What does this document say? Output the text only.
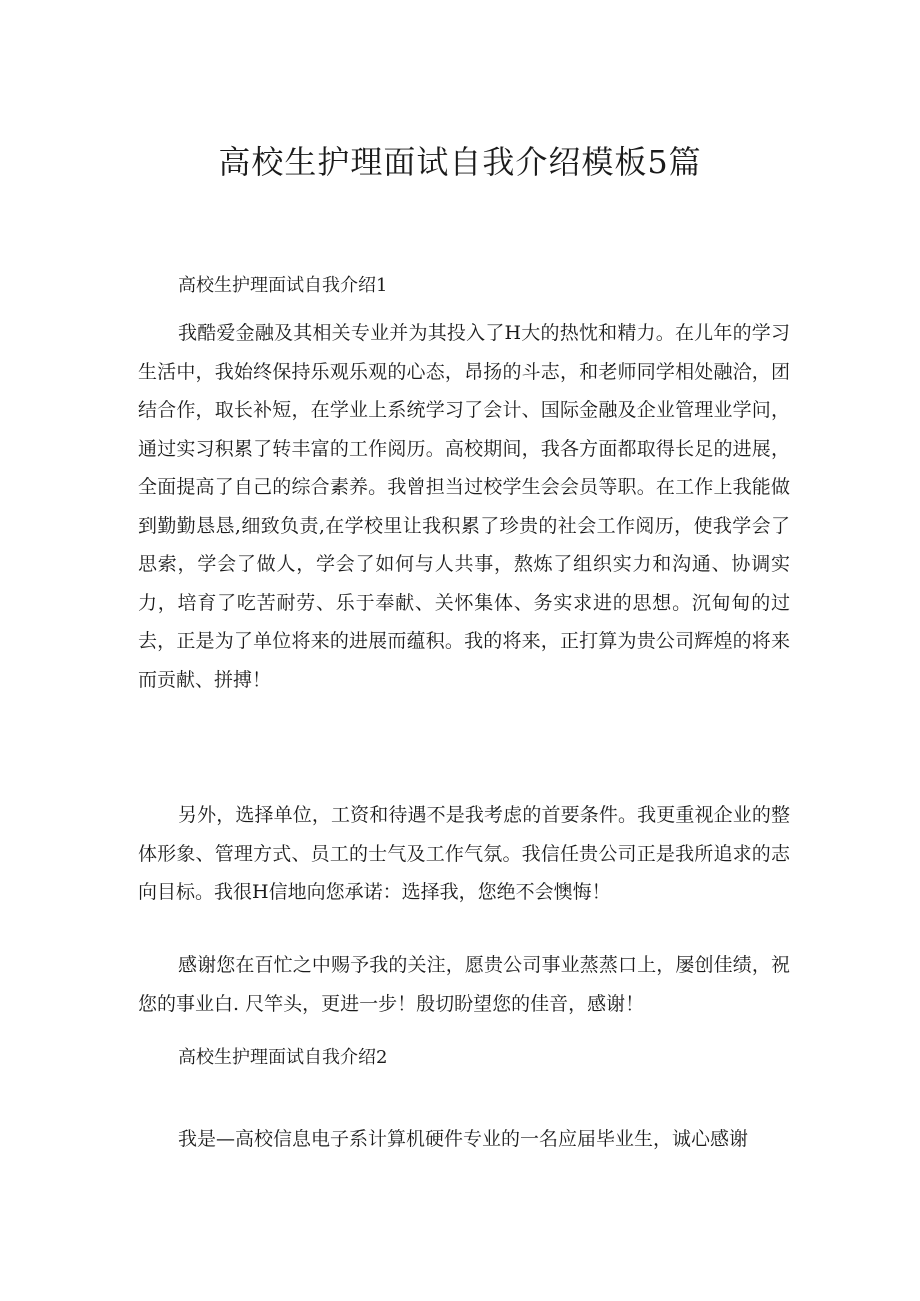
高校生护理面试自我介绍模板5篇
高校生护理面试自我介绍1

我酷爱金融及其相关专业并为其投入了H大的热忱和精力。在儿年的学习生活中，我始终保持乐观乐观的心态，昂扬的斗志，和老师同学相处融洽，团结合作，取长补短，在学业上系统学习了会计、国际金融及企业管理业学问，通过实习积累了转丰富的工作阅历。高校期间，我各方面都取得长足的进展，全面提高了自己的综合素养。我曾担当过校学生会会员等职。在工作上我能做到勤勤恳恳,细致负责,在学校里让我积累了珍贵的社会工作阅历，使我学会了思索，学会了做人，学会了如何与人共事，熬炼了组织实力和沟通、协调实力，培育了吃苦耐劳、乐于奉献、关怀集体、务实求进的思想。沉甸甸的过去，正是为了单位将来的进展而蕴积。我的将来，正打算为贵公司辉煌的将来而贡献、拼搏！

另外，选择单位，工资和待遇不是我考虑的首要条件。我更重视企业的整体形象、管理方式、员工的士气及工作气氛。我信任贵公司正是我所追求的志向目标。我很H信地向您承诺：选择我，您绝不会懊悔！

感谢您在百忙之中赐予我的关注，愿贵公司事业蒸蒸口上，屡创佳绩，祝您的事业白. 尺竿头，更进一步！殷切盼望您的佳音，感谢！

高校生护理面试自我介绍2

我是—高校信息电子系计算机硬件专业的一名应届毕业生，诚心感谢
